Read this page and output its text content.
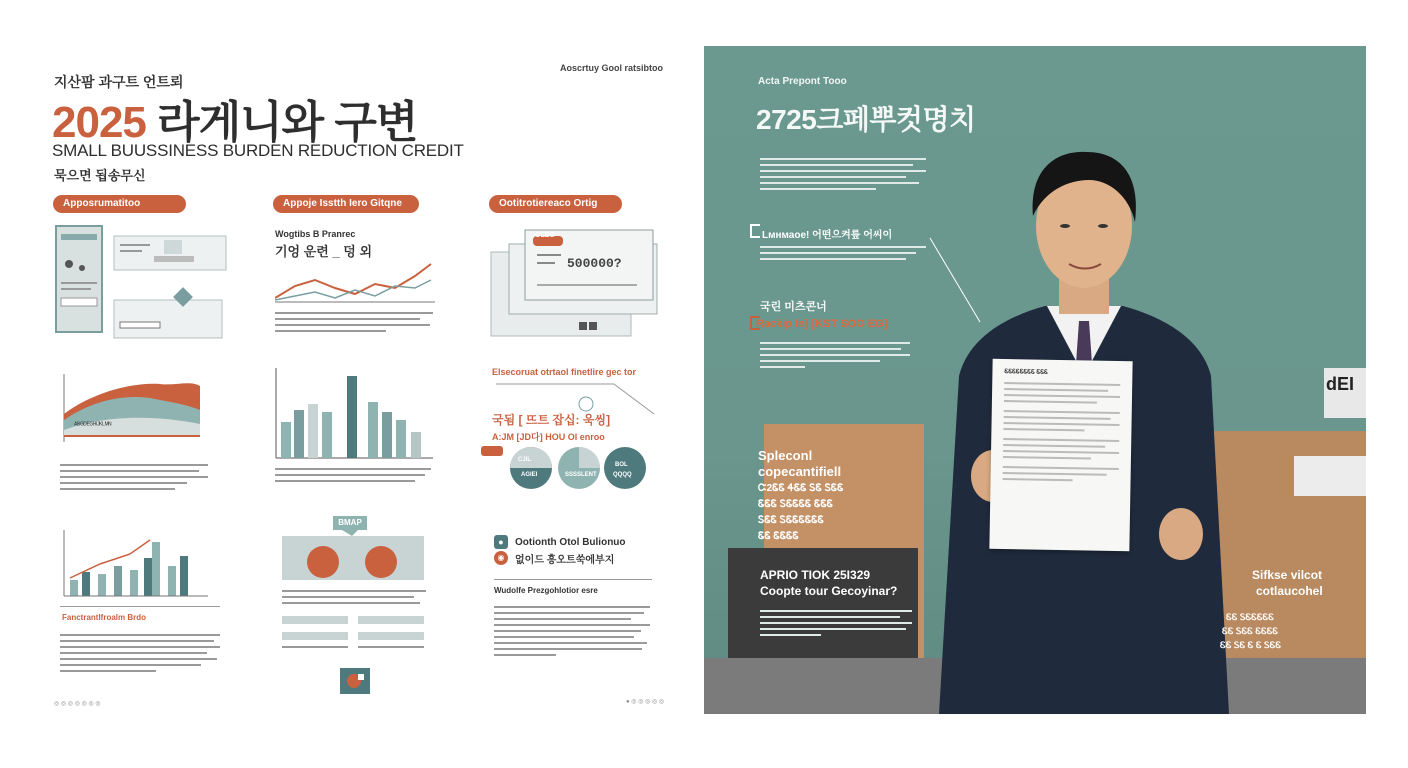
지산팜 과구트 언트뢰
Aoscrtuy Gool ratsibtoo
2025 라게니와 구변
SMALL BUUSSINESS BURDEN REDUCTION CREDIT
묵으면 됩송무신
Apposrumatitoo	Appoje Isstth Iero Gitqne	Ootitrotiereaco Ortig
Wogtibs B Pranrec
기엉 운련 _ 덩 외
OLEG
500000?
ᴬᴮᴳᴰᴱᴳᴴᴵᴶᴷᴸᴹᴺ
Elsecoruat otrtaol finetlire gec tor
국됨 [ 뜨트 잡십: 욱씽]
A:JM [JD다] HOU Ol enroo
CJIL
BOL
AGIEI	SSSSLENT	QQQQ
Fanctrantlfroalm Brdo
◎ ◎ ◎ ◎ ◎ ◎ ◎
BMAP
●	Ootionth Otol Bulionuo
◉	없이드 흥오트쑥에부지
Wudolfe Prezgohlotior esre
● ◎ ◎ ◎ ◎ ◎
dEI
ᏋᏋᏋᏋᏋᏋᏋᏋ ᏋᏋᏋ
Acta Prepont Tooo
2725크페뿌컷명치
Lмнмаое! 어떤으켜릎 어씨이
국린 미츠콘너
Rackip ln] [KST SOO EG]
Spleconl
copecantifiell
Ꮸ2ᏋᏋ ᏎᏋᏋ ᏚᏋ ᏚᏋᏋ
ᏋᏋᏋ ᏚᏋᏋᏋᏋ ᏋᏋᏋ
ᏚᏋᏋ ᏚᏋᏋᏋᏋᏋᏋ
ᏋᏋ ᏋᏋᏋᏋ
APRIO TIOK 25I329
Coopte tour Gecoyinar?
Sifkse vilcot
cotlaucohel
ᏋᏋ ᏚᏋᏋᏋᏋᏋ
ᏋᏋ ᏚᏋᏋ ᏋᏋᏋᏋ
ᏋᏋ ᏚᏋ Ꮛ Ꮛ ᏚᏋᏋ
